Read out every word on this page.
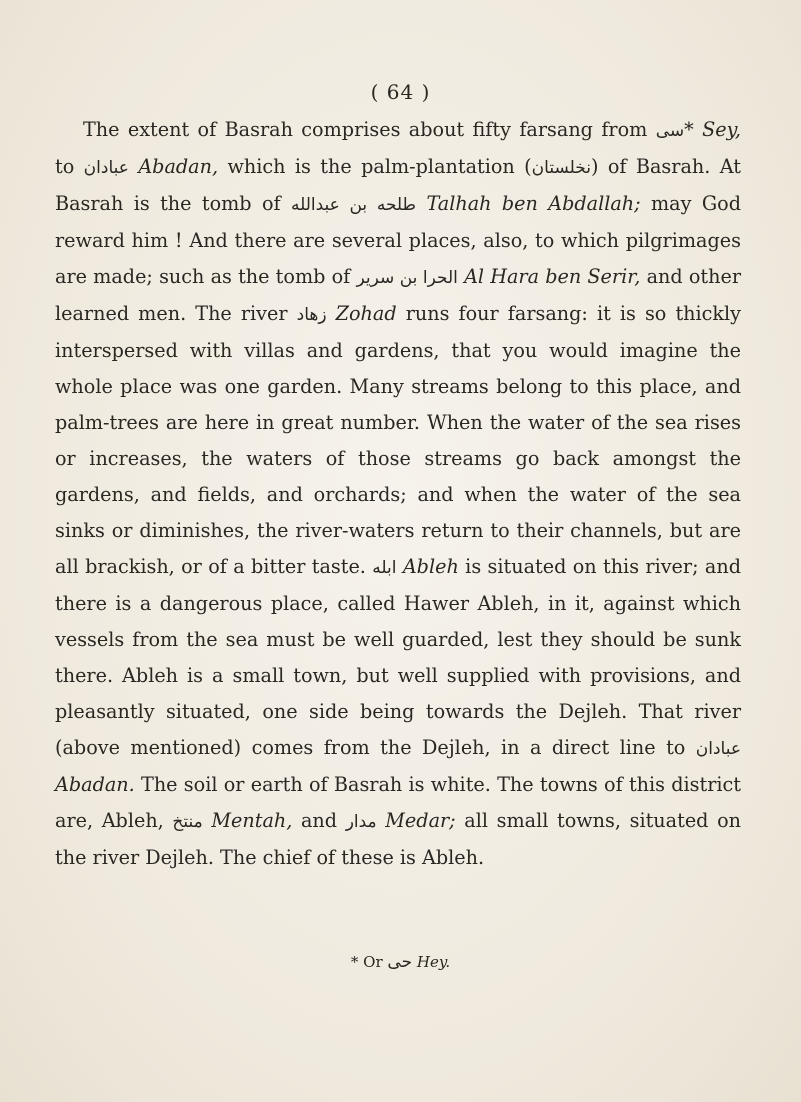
( 64 )

The extent of Basrah comprises about fifty farsang from سی* Sey, to عبادان Abadan, which is the palm-plantation (نخلستان) of Basrah. At Basrah is the tomb of طلحه بن عبدالله Talhah ben Abdallah; may God reward him ! And there are several places, also, to which pilgrimages are made; such as the tomb of الحرا بن سرير Al Hara ben Serir, and other learned men. The river زهاد Zohad runs four farsang: it is so thickly interspersed with villas and gardens, that you would imagine the whole place was one garden. Many streams belong to this place, and palm-trees are here in great number. When the water of the sea rises or increases, the waters of those streams go back amongst the gardens, and fields, and orchards; and when the water of the sea sinks or diminishes, the river-waters return to their channels, but are all brackish, or of a bitter taste. ابله Ableh is situated on this river; and there is a dangerous place, called Hawer Ableh, in it, against which vessels from the sea must be well guarded, lest they should be sunk there. Ableh is a small town, but well supplied with provisions, and pleasantly situated, one side being towards the Dejleh. That river (above mentioned) comes from the Dejleh, in a direct line to عبادان Abadan. The soil or earth of Basrah is white. The towns of this district are, Ableh, منتخ Mentah, and مدار Medar; all small towns, situated on the river Dejleh. The chief of these is Ableh.

* Or حی Hey.
